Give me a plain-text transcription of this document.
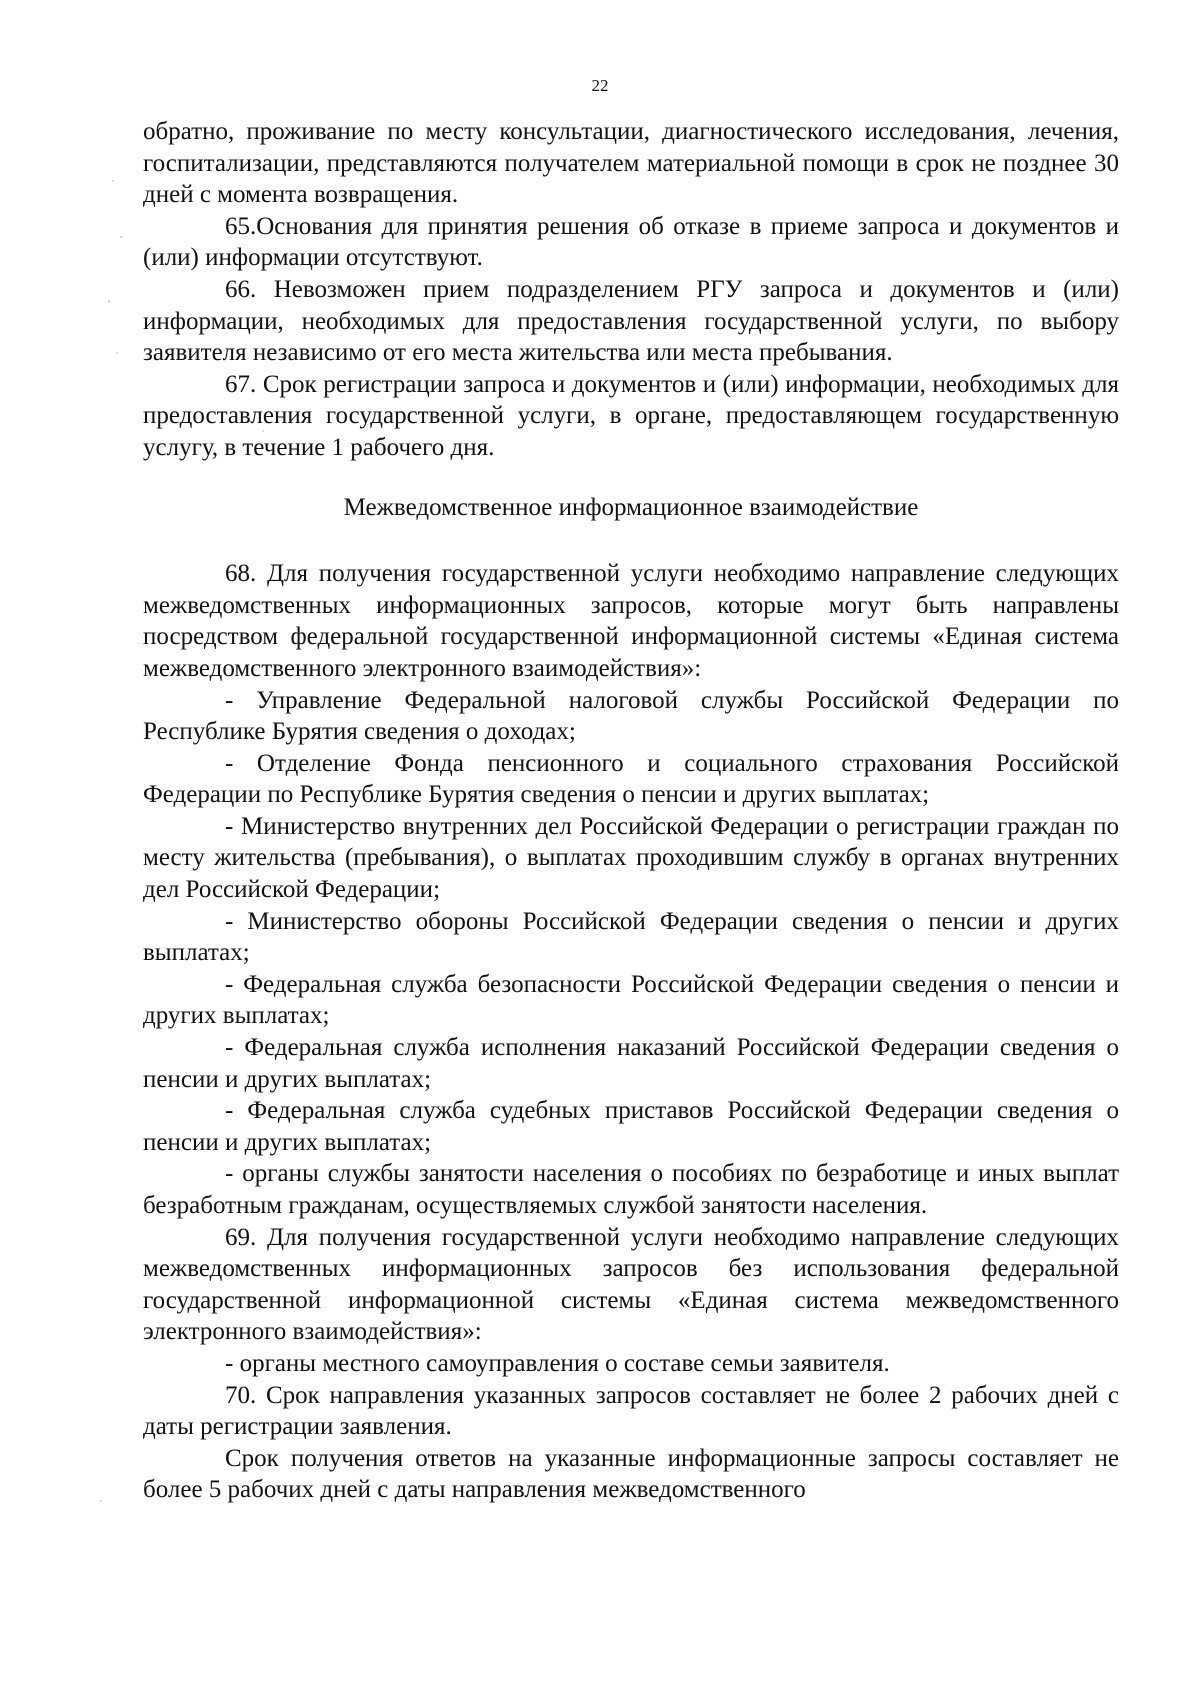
22

обратно, проживание по месту консультации, диагностического исследования, лечения, госпитализации, представляются получателем материальной помощи в срок не позднее 30 дней с момента возвращения.

65.Основания для принятия решения об отказе в приеме запроса и документов и (или) информации отсутствуют.

66. Невозможен прием подразделением РГУ запроса и документов и (или) информации, необходимых для предоставления государственной услуги, по выбору заявителя независимо от его места жительства или места пребывания.

67. Срок регистрации запроса и документов и (или) информации, необходимых для предоставления государственной услуги, в органе, предоставляющем государственную услугу, в течение 1 рабочего дня.

Межведомственное информационное взаимодействие

68. Для получения государственной услуги необходимо направление следующих межведомственных информационных запросов, которые могут быть направлены посредством федеральной государственной информационной системы «Единая система межведомственного электронного взаимодействия»:

- Управление Федеральной налоговой службы Российской Федерации по Республике Бурятия сведения о доходах;

- Отделение Фонда пенсионного и социального страхования Российской Федерации по Республике Бурятия сведения о пенсии и других выплатах;

- Министерство внутренних дел Российской Федерации о регистрации граждан по месту жительства (пребывания), о выплатах проходившим службу в органах внутренних дел Российской Федерации;

- Министерство обороны Российской Федерации сведения о пенсии и других выплатах;

- Федеральная служба безопасности Российской Федерации сведения о пенсии и других выплатах;

- Федеральная служба исполнения наказаний Российской Федерации сведения о пенсии и других выплатах;

- Федеральная служба судебных приставов Российской Федерации сведения о пенсии и других выплатах;

- органы службы занятости населения о пособиях по безработице и иных выплат безработным гражданам, осуществляемых службой занятости населения.

69. Для получения государственной услуги необходимо направление следующих межведомственных информационных запросов без использования федеральной государственной информационной системы «Единая система межведомственного электронного взаимодействия»:

- органы местного самоуправления о составе семьи заявителя.

70. Срок направления указанных запросов составляет не более 2 рабочих дней с даты регистрации заявления.

Срок получения ответов на указанные информационные запросы составляет не более 5 рабочих дней с даты направления межведомственного
